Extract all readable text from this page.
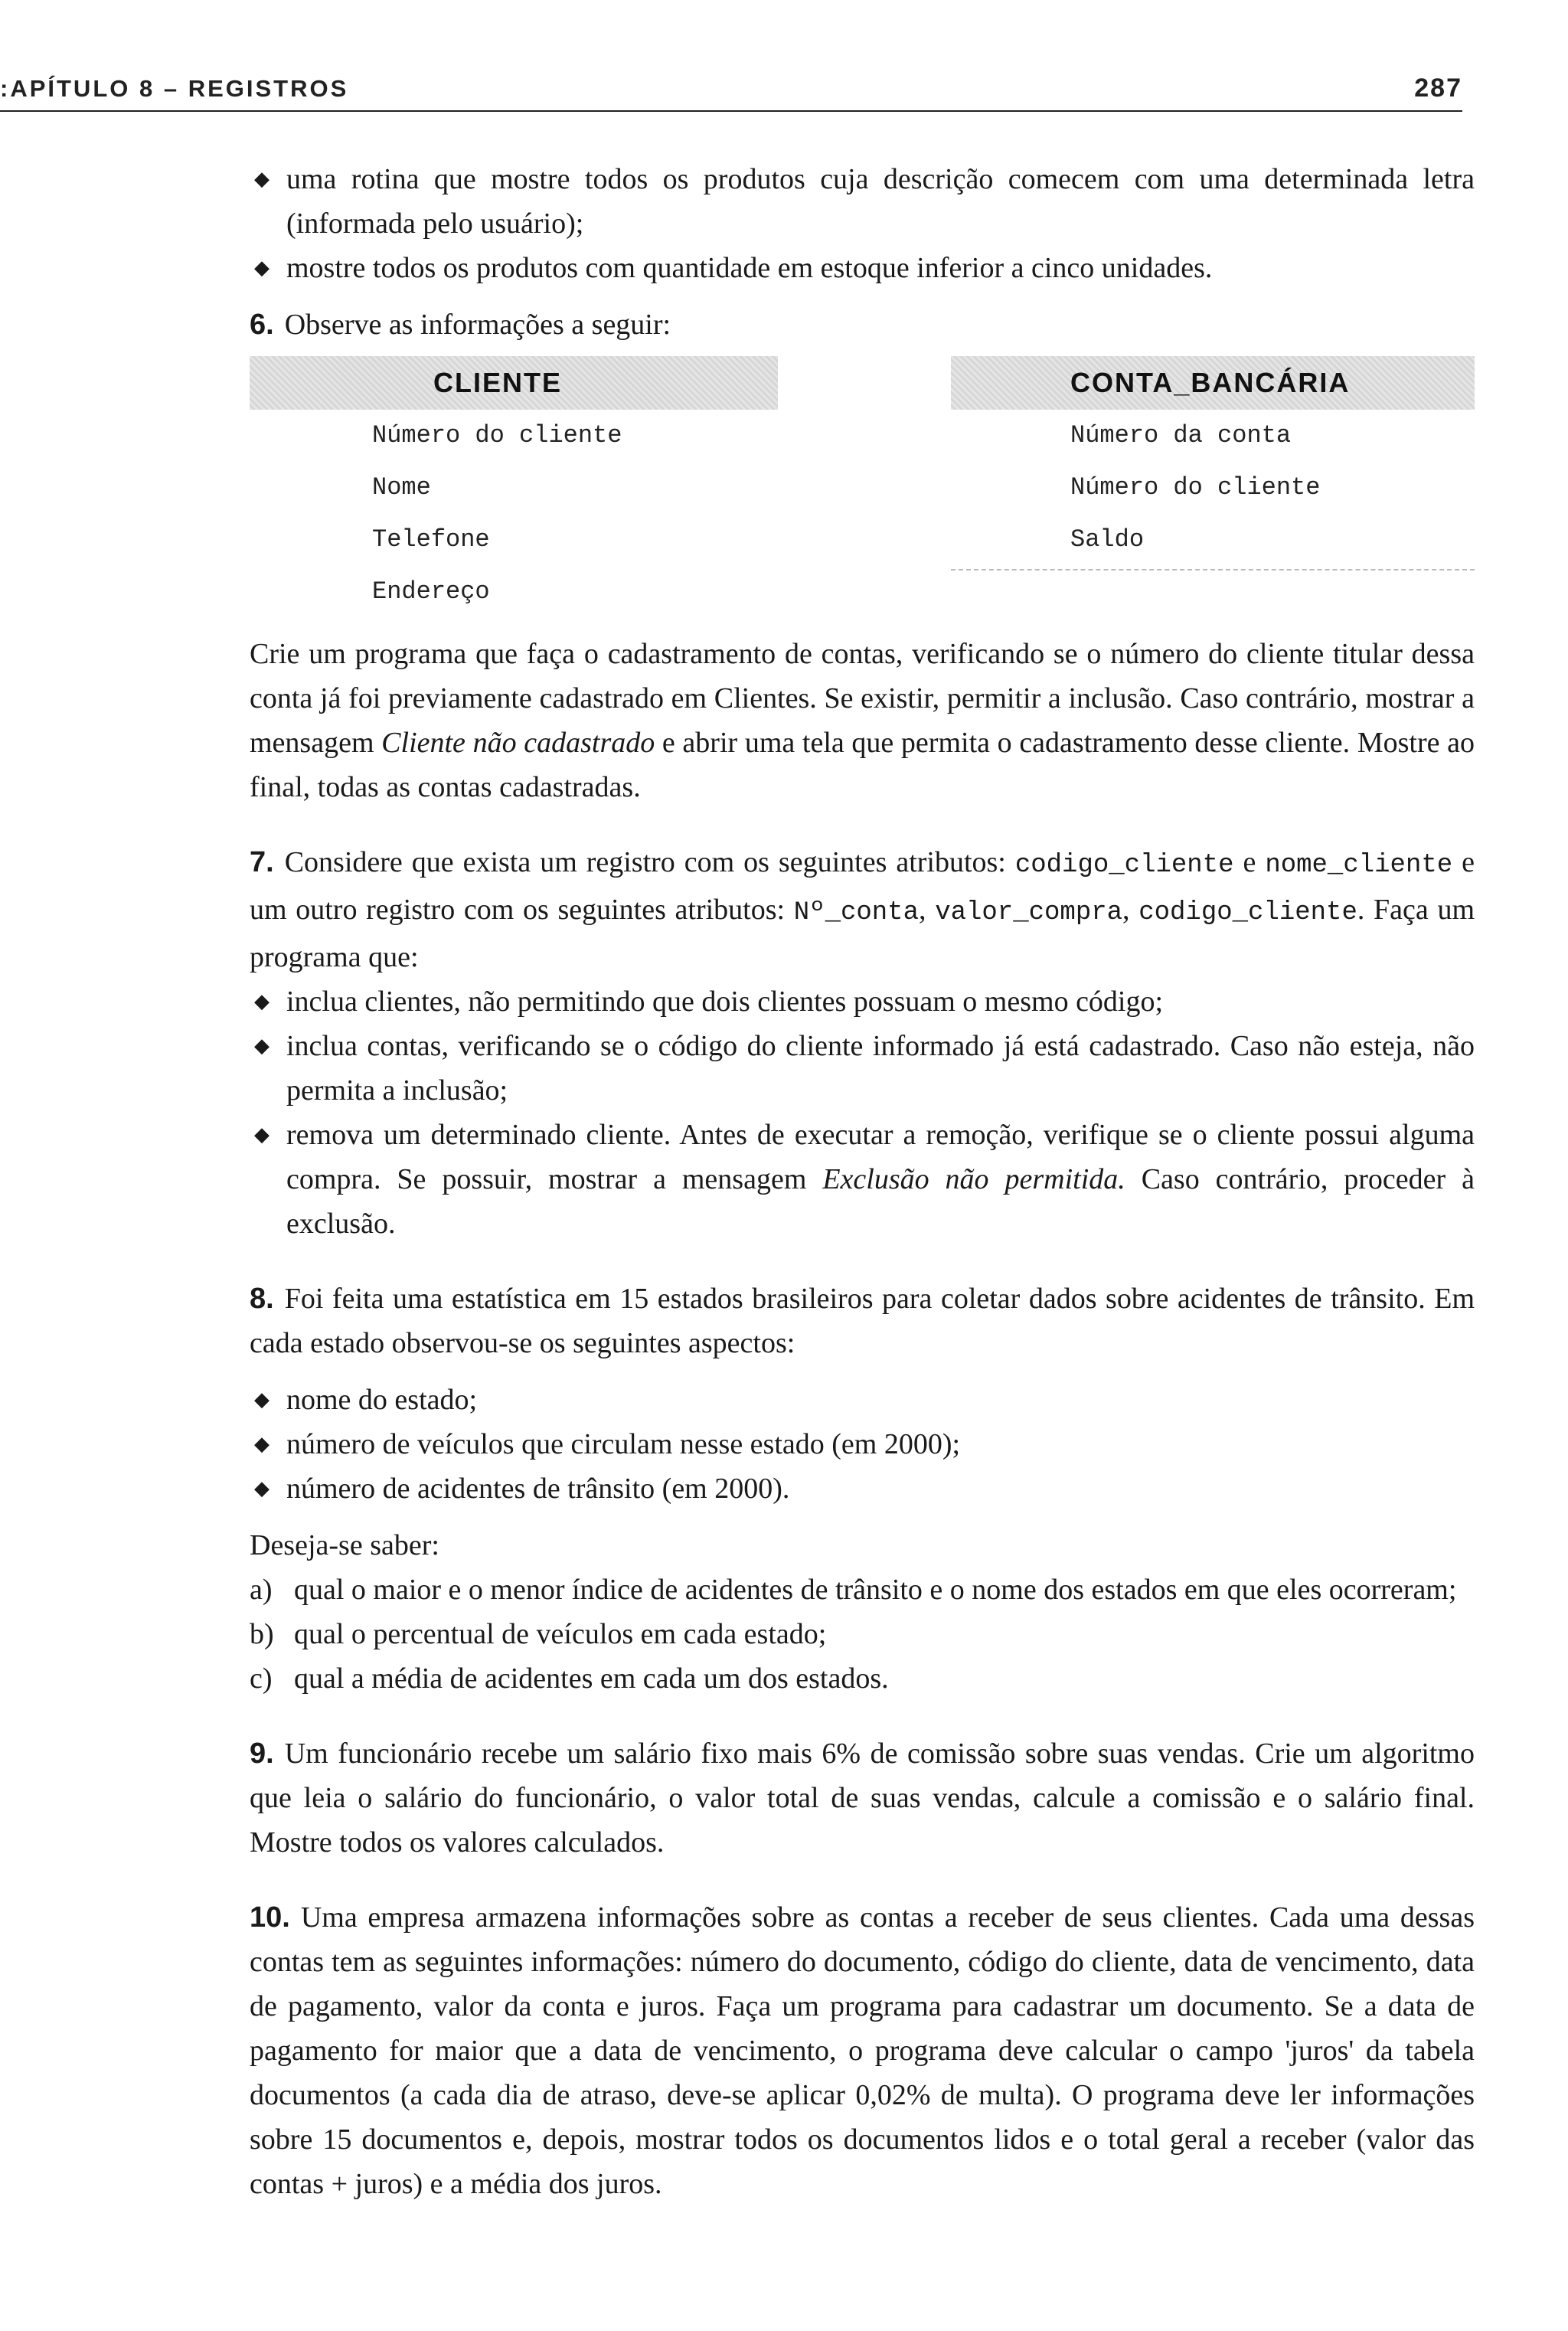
:APÍTULO 8 – REGISTROS	287
◆ uma rotina que mostre todos os produtos cuja descrição comecem com uma determinada letra (informada pelo usuário);
◆ mostre todos os produtos com quantidade em estoque inferior a cinco unidades.

6. Observe as informações a seguir:

CLIENTE
Número do cliente
Nome
Telefone
Endereço
CONTA_BANCÁRIA
Número da conta
Número do cliente
Saldo

Crie um programa que faça o cadastramento de contas, verificando se o número do cliente titular dessa conta já foi previamente cadastrado em Clientes. Se existir, permitir a inclusão. Caso contrário, mostrar a mensagem Cliente não cadastrado e abrir uma tela que permita o cadastramento desse cliente. Mostre ao final, todas as contas cadastradas.

7. Considere que exista um registro com os seguintes atributos: codigo_cliente e nome_cliente e um outro registro com os seguintes atributos: Nº_conta, valor_compra, codigo_cliente. Faça um programa que:

◆ inclua clientes, não permitindo que dois clientes possuam o mesmo código;
◆ inclua contas, verificando se o código do cliente informado já está cadastrado. Caso não esteja, não permita a inclusão;
◆ remova um determinado cliente. Antes de executar a remoção, verifique se o cliente possui alguma compra. Se possuir, mostrar a mensagem Exclusão não permitida. Caso contrário, proceder à exclusão.

8. Foi feita uma estatística em 15 estados brasileiros para coletar dados sobre acidentes de trânsito. Em cada estado observou-se os seguintes aspectos:

◆ nome do estado;
◆ número de veículos que circulam nesse estado (em 2000);
◆ número de acidentes de trânsito (em 2000).

Deseja-se saber:

a) qual o maior e o menor índice de acidentes de trânsito e o nome dos estados em que eles ocorreram;
b) qual o percentual de veículos em cada estado;
c) qual a média de acidentes em cada um dos estados.

9. Um funcionário recebe um salário fixo mais 6% de comissão sobre suas vendas. Crie um algoritmo que leia o salário do funcionário, o valor total de suas vendas, calcule a comissão e o salário final. Mostre todos os valores calculados.

10. Uma empresa armazena informações sobre as contas a receber de seus clientes. Cada uma dessas contas tem as seguintes informações: número do documento, código do cliente, data de vencimento, data de pagamento, valor da conta e juros. Faça um programa para cadastrar um documento. Se a data de pagamento for maior que a data de vencimento, o programa deve calcular o campo 'juros' da tabela documentos (a cada dia de atraso, deve-se aplicar 0,02% de multa). O programa deve ler informações sobre 15 documentos e, depois, mostrar todos os documentos lidos e o total geral a receber (valor das contas + juros) e a média dos juros.
